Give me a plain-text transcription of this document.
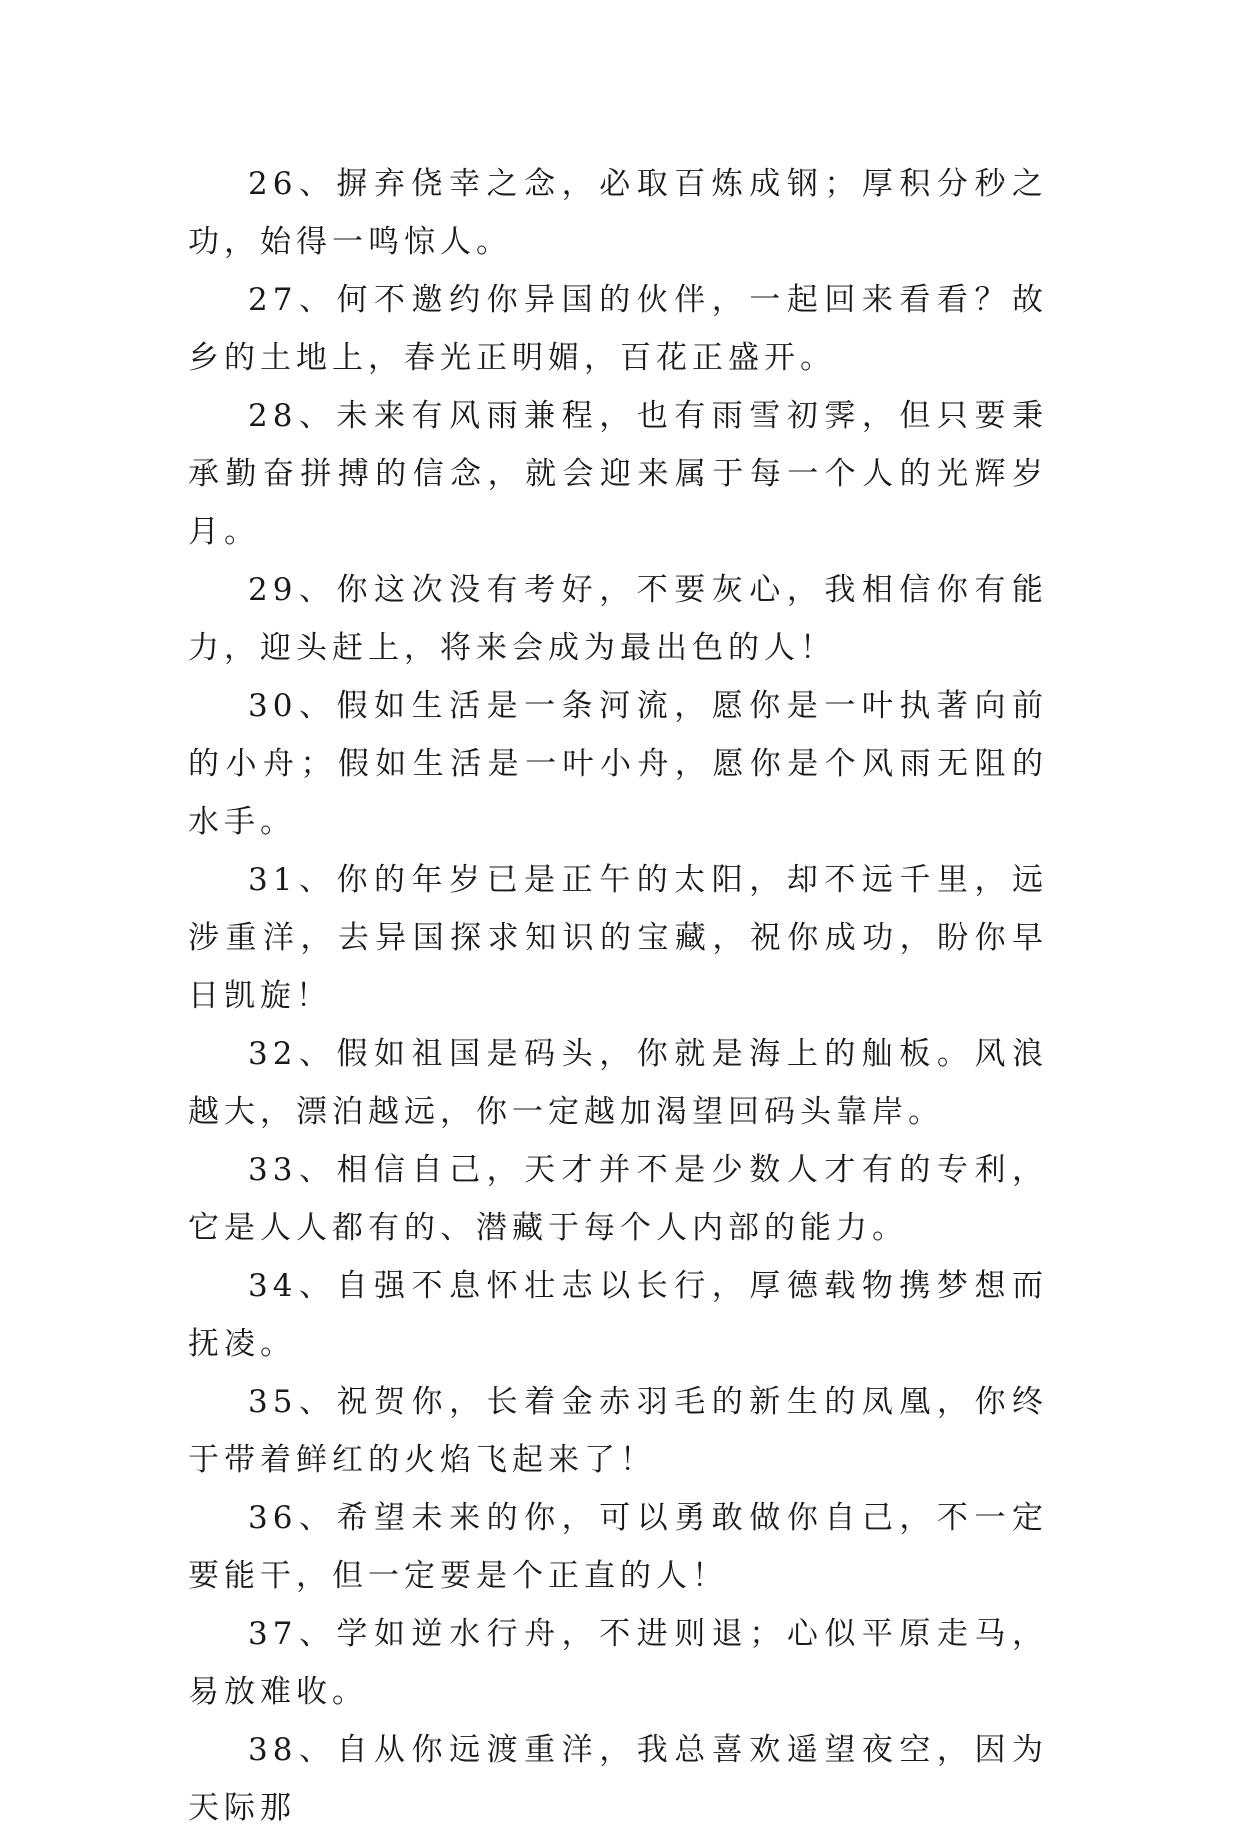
26、摒弃侥幸之念，必取百炼成钢；厚积分秒之功，始得一鸣惊人。

27、何不邀约你异国的伙伴，一起回来看看？故乡的土地上，春光正明媚，百花正盛开。

28、未来有风雨兼程，也有雨雪初霁，但只要秉承勤奋拼搏的信念，就会迎来属于每一个人的光辉岁月。

29、你这次没有考好，不要灰心，我相信你有能力，迎头赶上，将来会成为最出色的人！

30、假如生活是一条河流，愿你是一叶执著向前的小舟；假如生活是一叶小舟，愿你是个风雨无阻的水手。

31、你的年岁已是正午的太阳，却不远千里，远涉重洋，去异国探求知识的宝藏，祝你成功，盼你早日凯旋！

32、假如祖国是码头，你就是海上的舢板。风浪越大，漂泊越远，你一定越加渴望回码头靠岸。

33、相信自己，天才并不是少数人才有的专利，它是人人都有的、潜藏于每个人内部的能力。

34、自强不息怀壮志以长行，厚德载物携梦想而抚凌。

35、祝贺你，长着金赤羽毛的新生的凤凰，你终于带着鲜红的火焰飞起来了！

36、希望未来的你，可以勇敢做你自己，不一定要能干，但一定要是个正直的人！

37、学如逆水行舟，不进则退；心似平原走马，易放难收。

38、自从你远渡重洋，我总喜欢遥望夜空，因为天际那
